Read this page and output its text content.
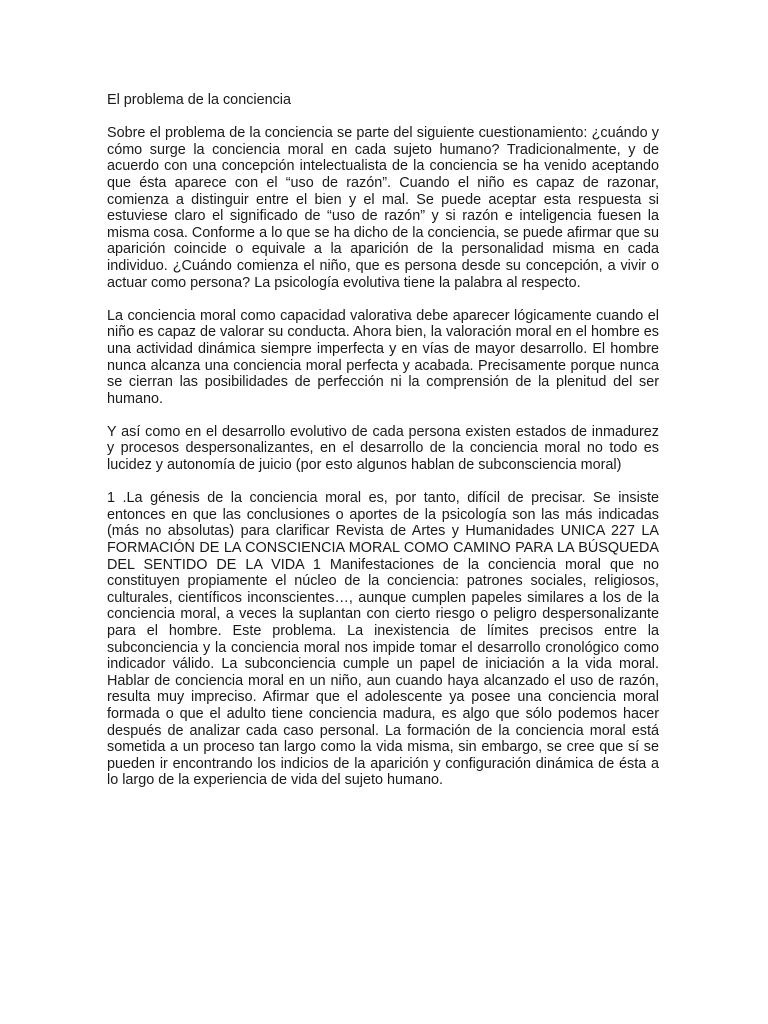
El problema de la conciencia

Sobre el problema de la conciencia se parte del siguiente cuestionamiento: ¿cuándo y cómo surge la conciencia moral en cada sujeto humano? Tradicionalmente, y de acuerdo con una concepción intelectualista de la conciencia se ha venido aceptando que ésta aparece con el “uso de razón”. Cuando el niño es capaz de razonar, comienza a distinguir entre el bien y el mal. Se puede aceptar esta respuesta si estuviese claro el significado de “uso de razón” y si razón e inteligencia fuesen la misma cosa. Conforme a lo que se ha dicho de la conciencia, se puede afirmar que su aparición coincide o equivale a la aparición de la personalidad misma en cada individuo. ¿Cuándo comienza el niño, que es persona desde su concepción, a vivir o actuar como persona? La psicología evolutiva tiene la palabra al respecto.

La conciencia moral como capacidad valorativa debe aparecer lógicamente cuando el niño es capaz de valorar su conducta. Ahora bien, la valoración moral en el hombre es una actividad dinámica siempre imperfecta y en vías de mayor desarrollo. El hombre nunca alcanza una conciencia moral perfecta y acabada. Precisamente porque nunca se cierran las posibilidades de perfección ni la comprensión de la plenitud del ser humano.

Y así como en el desarrollo evolutivo de cada persona existen estados de inmadurez y procesos despersonalizantes, en el desarrollo de la conciencia moral no todo es lucidez y autonomía de juicio (por esto algunos hablan de subconsciencia moral)

1 .La génesis de la conciencia moral es, por tanto, difícil de precisar. Se insiste entonces en que las conclusiones o aportes de la psicología son las más indicadas (más no absolutas) para clarificar Revista de Artes y Humanidades UNICA 227 LA FORMACIÓN DE LA CONSCIENCIA MORAL COMO CAMINO PARA LA BÚSQUEDA DEL SENTIDO DE LA VIDA 1 Manifestaciones de la conciencia moral que no constituyen propiamente el núcleo de la conciencia: patrones sociales, religiosos, culturales, científicos inconscientes…, aunque cumplen papeles similares a los de la conciencia moral, a veces la suplantan con cierto riesgo o peligro despersonalizante para el hombre. Este problema. La inexistencia de límites precisos entre la subconciencia y la conciencia moral nos impide tomar el desarrollo cronológico como indicador válido. La subconciencia cumple un papel de iniciación a la vida moral. Hablar de conciencia moral en un niño, aun cuando haya alcanzado el uso de razón, resulta muy impreciso. Afirmar que el adolescente ya posee una conciencia moral formada o que el adulto tiene conciencia madura, es algo que sólo podemos hacer después de analizar cada caso personal. La formación de la conciencia moral está sometida a un proceso tan largo como la vida misma, sin embargo, se cree que sí se pueden ir encontrando los indicios de la aparición y configuración dinámica de ésta a lo largo de la experiencia de vida del sujeto humano.
